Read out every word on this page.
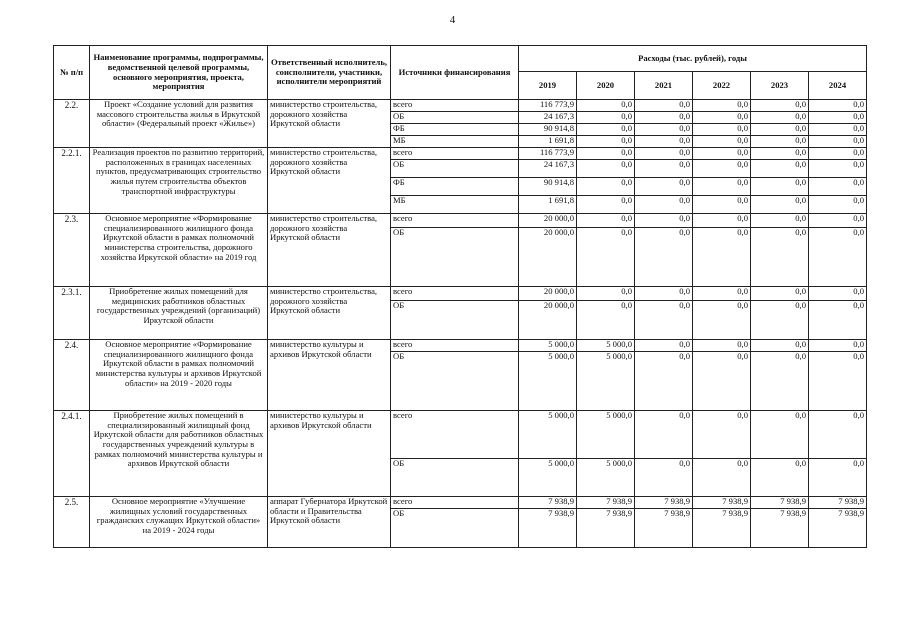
4
№ п/п	Наименование программы, подпрограммы, ведомственной целевой программы, основного мероприятия, проекта, мероприятия	Ответственный исполнитель, соисполнители, участники, исполнители мероприятий	Источники финансирования	Расходы (тыс. рублей), годы					
				2019	2020	2021	2022	2023	2024
2.2.	Проект «Создание условий для развития массового строительства жилья в Иркутской области» (Федеральный проект «Жилье»)	министерство строительства, дорожного хозяйства Иркутской области	всего	116 773,9	0,0	0,0	0,0	0,0	0,0
			ОБ	24 167,3	0,0	0,0	0,0	0,0	0,0
			ФБ	90 914,8	0,0	0,0	0,0	0,0	0,0
			МБ	1 691,8	0,0	0,0	0,0	0,0	0,0
2.2.1.	Реализация проектов по развитию территорий, расположенных в границах населенных пунктов, предусматривающих строительство жилья путем строительства объектов транспортной инфраструктуры	министерство строительства, дорожного хозяйства Иркутской области	всего	116 773,9	0,0	0,0	0,0	0,0	0,0
			ОБ	24 167,3	0,0	0,0	0,0	0,0	0,0
			ФБ	90 914,8	0,0	0,0	0,0	0,0	0,0
			МБ	1 691,8	0,0	0,0	0,0	0,0	0,0
2.3.	Основное мероприятие «Формирование специализированного жилищного фонда Иркутской области в рамках полномочий министерства строительства, дорожного хозяйства Иркутской области» на 2019 год	министерство строительства, дорожного хозяйства Иркутской области	всего	20 000,0	0,0	0,0	0,0	0,0	0,0
			ОБ	20 000,0	0,0	0,0	0,0	0,0	0,0
2.3.1.	Приобретение жилых помещений для медицинских работников областных государственных учреждений (организаций) Иркутской области	министерство строительства, дорожного хозяйства Иркутской области	всего	20 000,0	0,0	0,0	0,0	0,0	0,0
			ОБ	20 000,0	0,0	0,0	0,0	0,0	0,0
2.4.	Основное мероприятие «Формирование специализированного жилищного фонда Иркутской области в рамках полномочий министерства культуры и архивов Иркутской области» на 2019 - 2020 годы	министерство культуры и архивов Иркутской области	всего	5 000,0	5 000,0	0,0	0,0	0,0	0,0
			ОБ	5 000,0	5 000,0	0,0	0,0	0,0	0,0
2.4.1.	Приобретение жилых помещений в специализированный жилищный фонд Иркутской области для работников областных государственных учреждений культуры в рамках полномочий министерства культуры и архивов Иркутской области	министерство культуры и архивов Иркутской области	всего	5 000,0	5 000,0	0,0	0,0	0,0	0,0
			ОБ	5 000,0	5 000,0	0,0	0,0	0,0	0,0
2.5.	Основное мероприятие «Улучшение жилищных условий государственных гражданских служащих Иркутской области» на 2019 - 2024 годы	аппарат Губернатора Иркутской области и Правительства Иркутской области	всего	7 938,9	7 938,9	7 938,9	7 938,9	7 938,9	7 938,9
			ОБ	7 938,9	7 938,9	7 938,9	7 938,9	7 938,9	7 938,9
